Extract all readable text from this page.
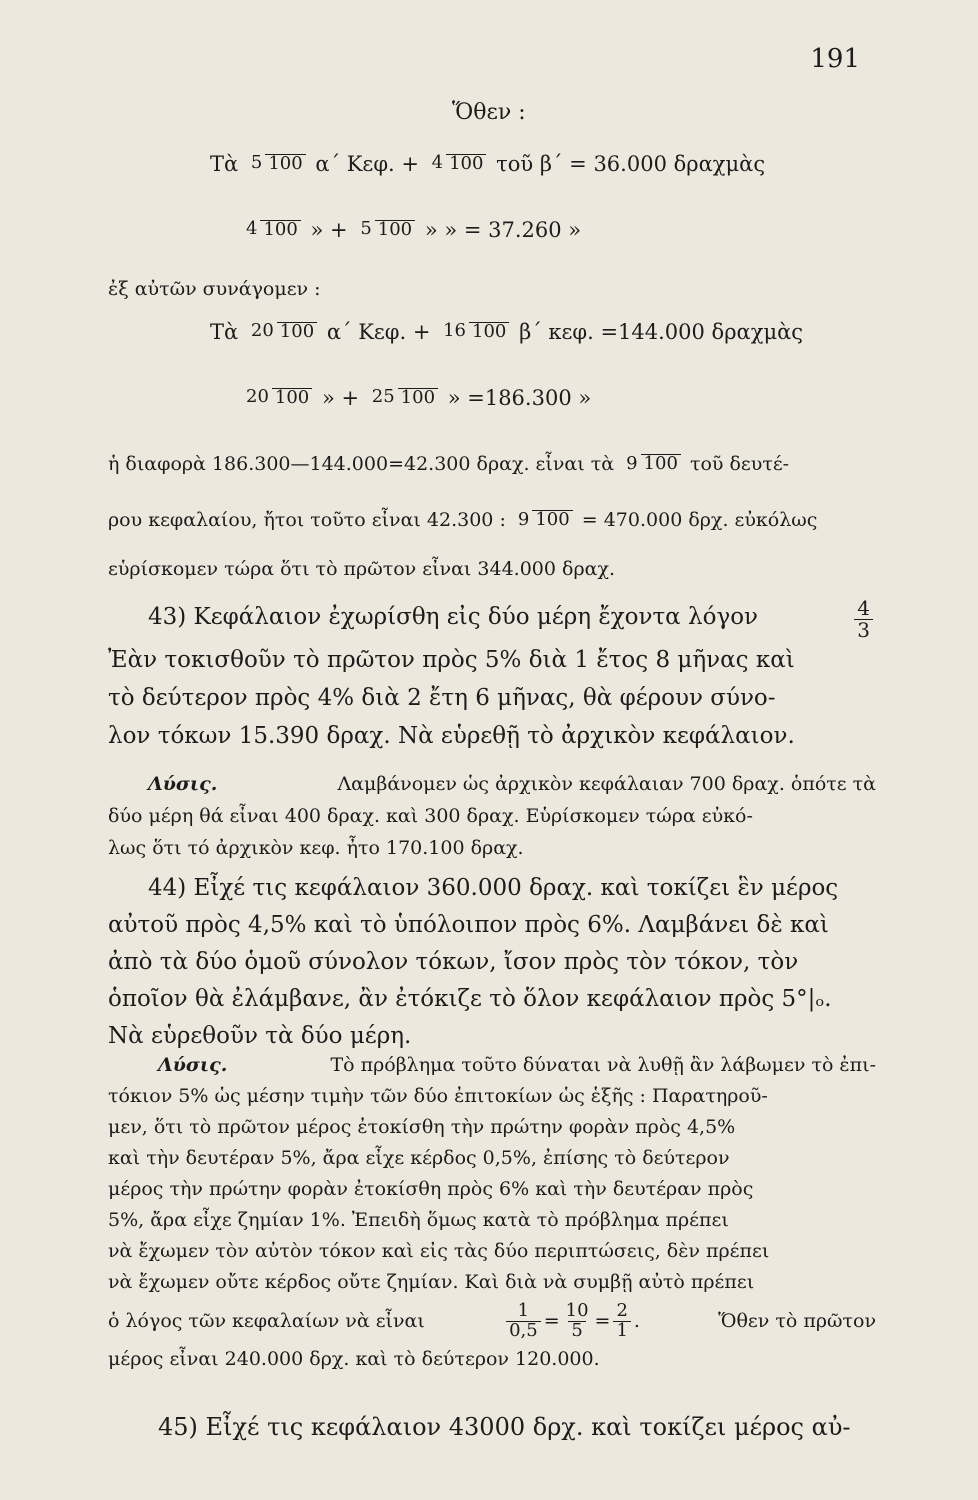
191
Ὅθεν :
Τὰ 5 100 α΄ Κεφ. + 4 100 τοῦ β΄ = 36.000 δραχμὰς
4 100 » + 5 100 » » = 37.260 »
ἐξ αὐτῶν συνάγομεν :
Τὰ 20 100 α΄ Κεφ. + 16 100 β΄ κεφ. =144.000 δραχμὰς
20 100 » + 25 100 » =186.300 »
ἡ διαφορὰ 186.300—144.000=42.300 δραχ. εἶναι τὰ 9 100 τοῦ δευτέ-
ρου κεφαλαίου, ἤτοι τοῦτο εἶναι 42.300 : 9 100 = 470.000 δρχ. εὐκόλως
εὑρίσκομεν τώρα ὅτι τὸ πρῶτον εἶναι 344.000 δραχ.
43) Κεφάλαιον ἐχωρίσθη εἰς δύο μέρη ἔχοντα λόγον	$\frac{4}{3}$
Ἐὰν τοκισθοῦν τὸ πρῶτον πρὸς 5% διὰ 1 ἔτος 8 μῆνας καὶ
τὸ δεύτερον πρὸς 4% διὰ 2 ἔτη 6 μῆνας, θὰ φέρουν σύνο-
λον τόκων 15.390 δραχ. Νὰ εὑρεθῇ τὸ ἀρχικὸν κεφάλαιον.
Λύσις.	Λαμβάνομεν ὡς ἀρχικὸν κεφάλαιαν 700 δραχ. ὁπότε τὰ
δύο μέρη θά εἶναι 400 δραχ. καὶ 300 δραχ. Εὑρίσκομεν τώρα εὐκό-
λως ὅτι τό ἀρχικὸν κεφ. ἦτο 170.100 δραχ.
44) Εἶχέ τις κεφάλαιον 360.000 δραχ. καὶ τοκίζει ἓν μέρος
αὐτοῦ πρὸς 4,5% καὶ τὸ ὑπόλοιπον πρὸς 6%. Λαμβάνει δὲ καὶ
ἀπὸ τὰ δύο ὁμοῦ σύνολον τόκων, ἴσον πρὸς τὸν τόκον, τὸν
ὁποῖον θὰ ἐλάμβανε, ἂν ἐτόκιζε τὸ ὅλον κεφάλαιον πρὸς 5°|ₒ.
Νὰ εὑρεθοῦν τὰ δύο μέρη.
Λύσις.	Τὸ πρόβλημα τοῦτο δύναται νὰ λυθῇ ἂν λάβωμεν τὸ ἐπι-
τόκιον 5% ὡς μέσην τιμὴν τῶν δύο ἐπιτοκίων ὡς ἑξῆς : Παρατηροῦ-
μεν, ὅτι τὸ πρῶτον μέρος ἐτοκίσθη τὴν πρώτην φορὰν πρὸς 4,5%
καὶ τὴν δευτέραν 5%, ἄρα εἶχε κέρδος 0,5%, ἐπίσης τὸ δεύτερον
μέρος τὴν πρώτην φορὰν ἐτοκίσθη πρὸς 6% καὶ τὴν δευτέραν πρὸς
5%, ἄρα εἶχε ζημίαν 1%. Ἐπειδὴ ὅμως κατὰ τὸ πρόβλημα πρέπει
νὰ ἔχωμεν τὸν αὐτὸν τόκον καὶ εἰς τὰς δύο περιπτώσεις, δὲν πρέπει
νὰ ἔχωμεν οὔτε κέρδος οὔτε ζημίαν. Καὶ διὰ νὰ συμβῇ αὐτὸ πρέπει
ὁ λόγος τῶν κεφαλαίων νὰ εἶναι	$\frac{1}{0,5} = \frac{10}{5} = \frac{2}{1}$ .	Ὅθεν τὸ πρῶτον
μέρος εἶναι 240.000 δρχ. καὶ τὸ δεύτερον 120.000.
45) Εἶχέ τις κεφάλαιον 43000 δρχ. καὶ τοκίζει μέρος αὐ-
